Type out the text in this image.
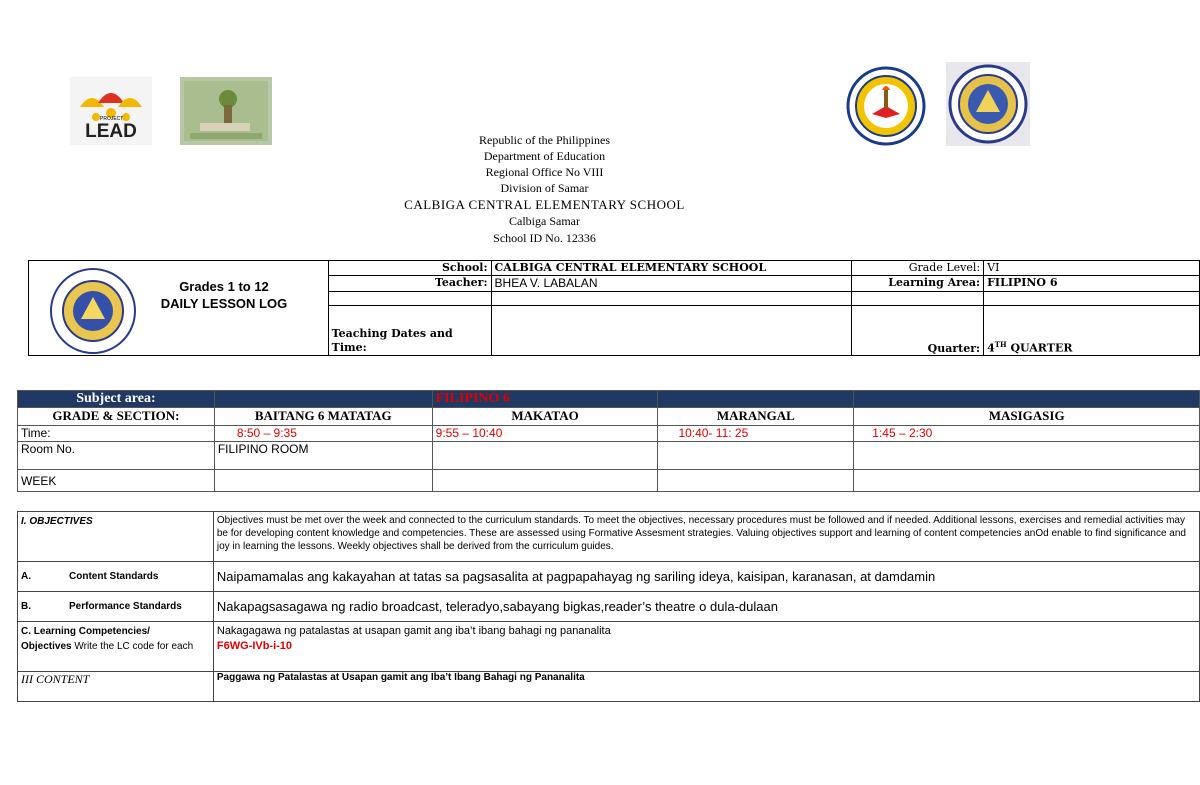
PROJECT
LEAD	Republic of the Philippines
Department of Education
Regional Office No VIII
Division of Samar
CALBIGA CENTRAL ELEMENTARY SCHOOL
Calbiga Samar
School ID No. 12336
Grades 1 to 12
DAILY LESSON LOG	School:	CALBIGA CENTRAL ELEMENTARY SCHOOL	Grade Level:	VI
	Teacher:	BHEA V. LABALAN	Learning Area:	FILIPINO 6

	Teaching Dates and
Time:		Quarter:	4TH QUARTER
Subject area:		FILIPINO 6		
GRADE & SECTION:	BAITANG 6 MATATAG	MAKATAO	MARANGAL	MASIGASIG
Time:	8:50 – 9:35	9:55 – 10:40	10:40- 11: 25	1:45 – 2:30
Room No.	FILIPINO ROOM			
WEEK				
I. OBJECTIVES	Objectives must be met over the week and connected to the curriculum standards. To meet the objectives, necessary procedures must be followed and if needed. Additional lessons, exercises and remedial activities may be for developing content knowledge and competencies. These are assessed using Formative Assesment strategies. Valuing objectives support and learning of content competencies anOd enable to find significance and joy in learning the lessons. Weekly objectives shall be derived from the curriculum guides.
A. Content Standards	Naipamamalas ang kakayahan at tatas sa pagsasalita at pagpapahayag ng sariling ideya, kaisipan, karanasan, at damdamin
B. Performance Standards	Nakapagsasagawa ng radio broadcast, teleradyo,sabayang bigkas,reader’s theatre o dula-dulaan
C. Learning Competencies/
Objectives Write the LC code for each	Nakagagawa ng patalastas at usapan gamit ang iba’t ibang bahagi ng pananalita
F6WG-IVb-i-10
III CONTENT	Paggawa ng Patalastas at Usapan gamit ang Iba’t Ibang Bahagi ng Pananalita
